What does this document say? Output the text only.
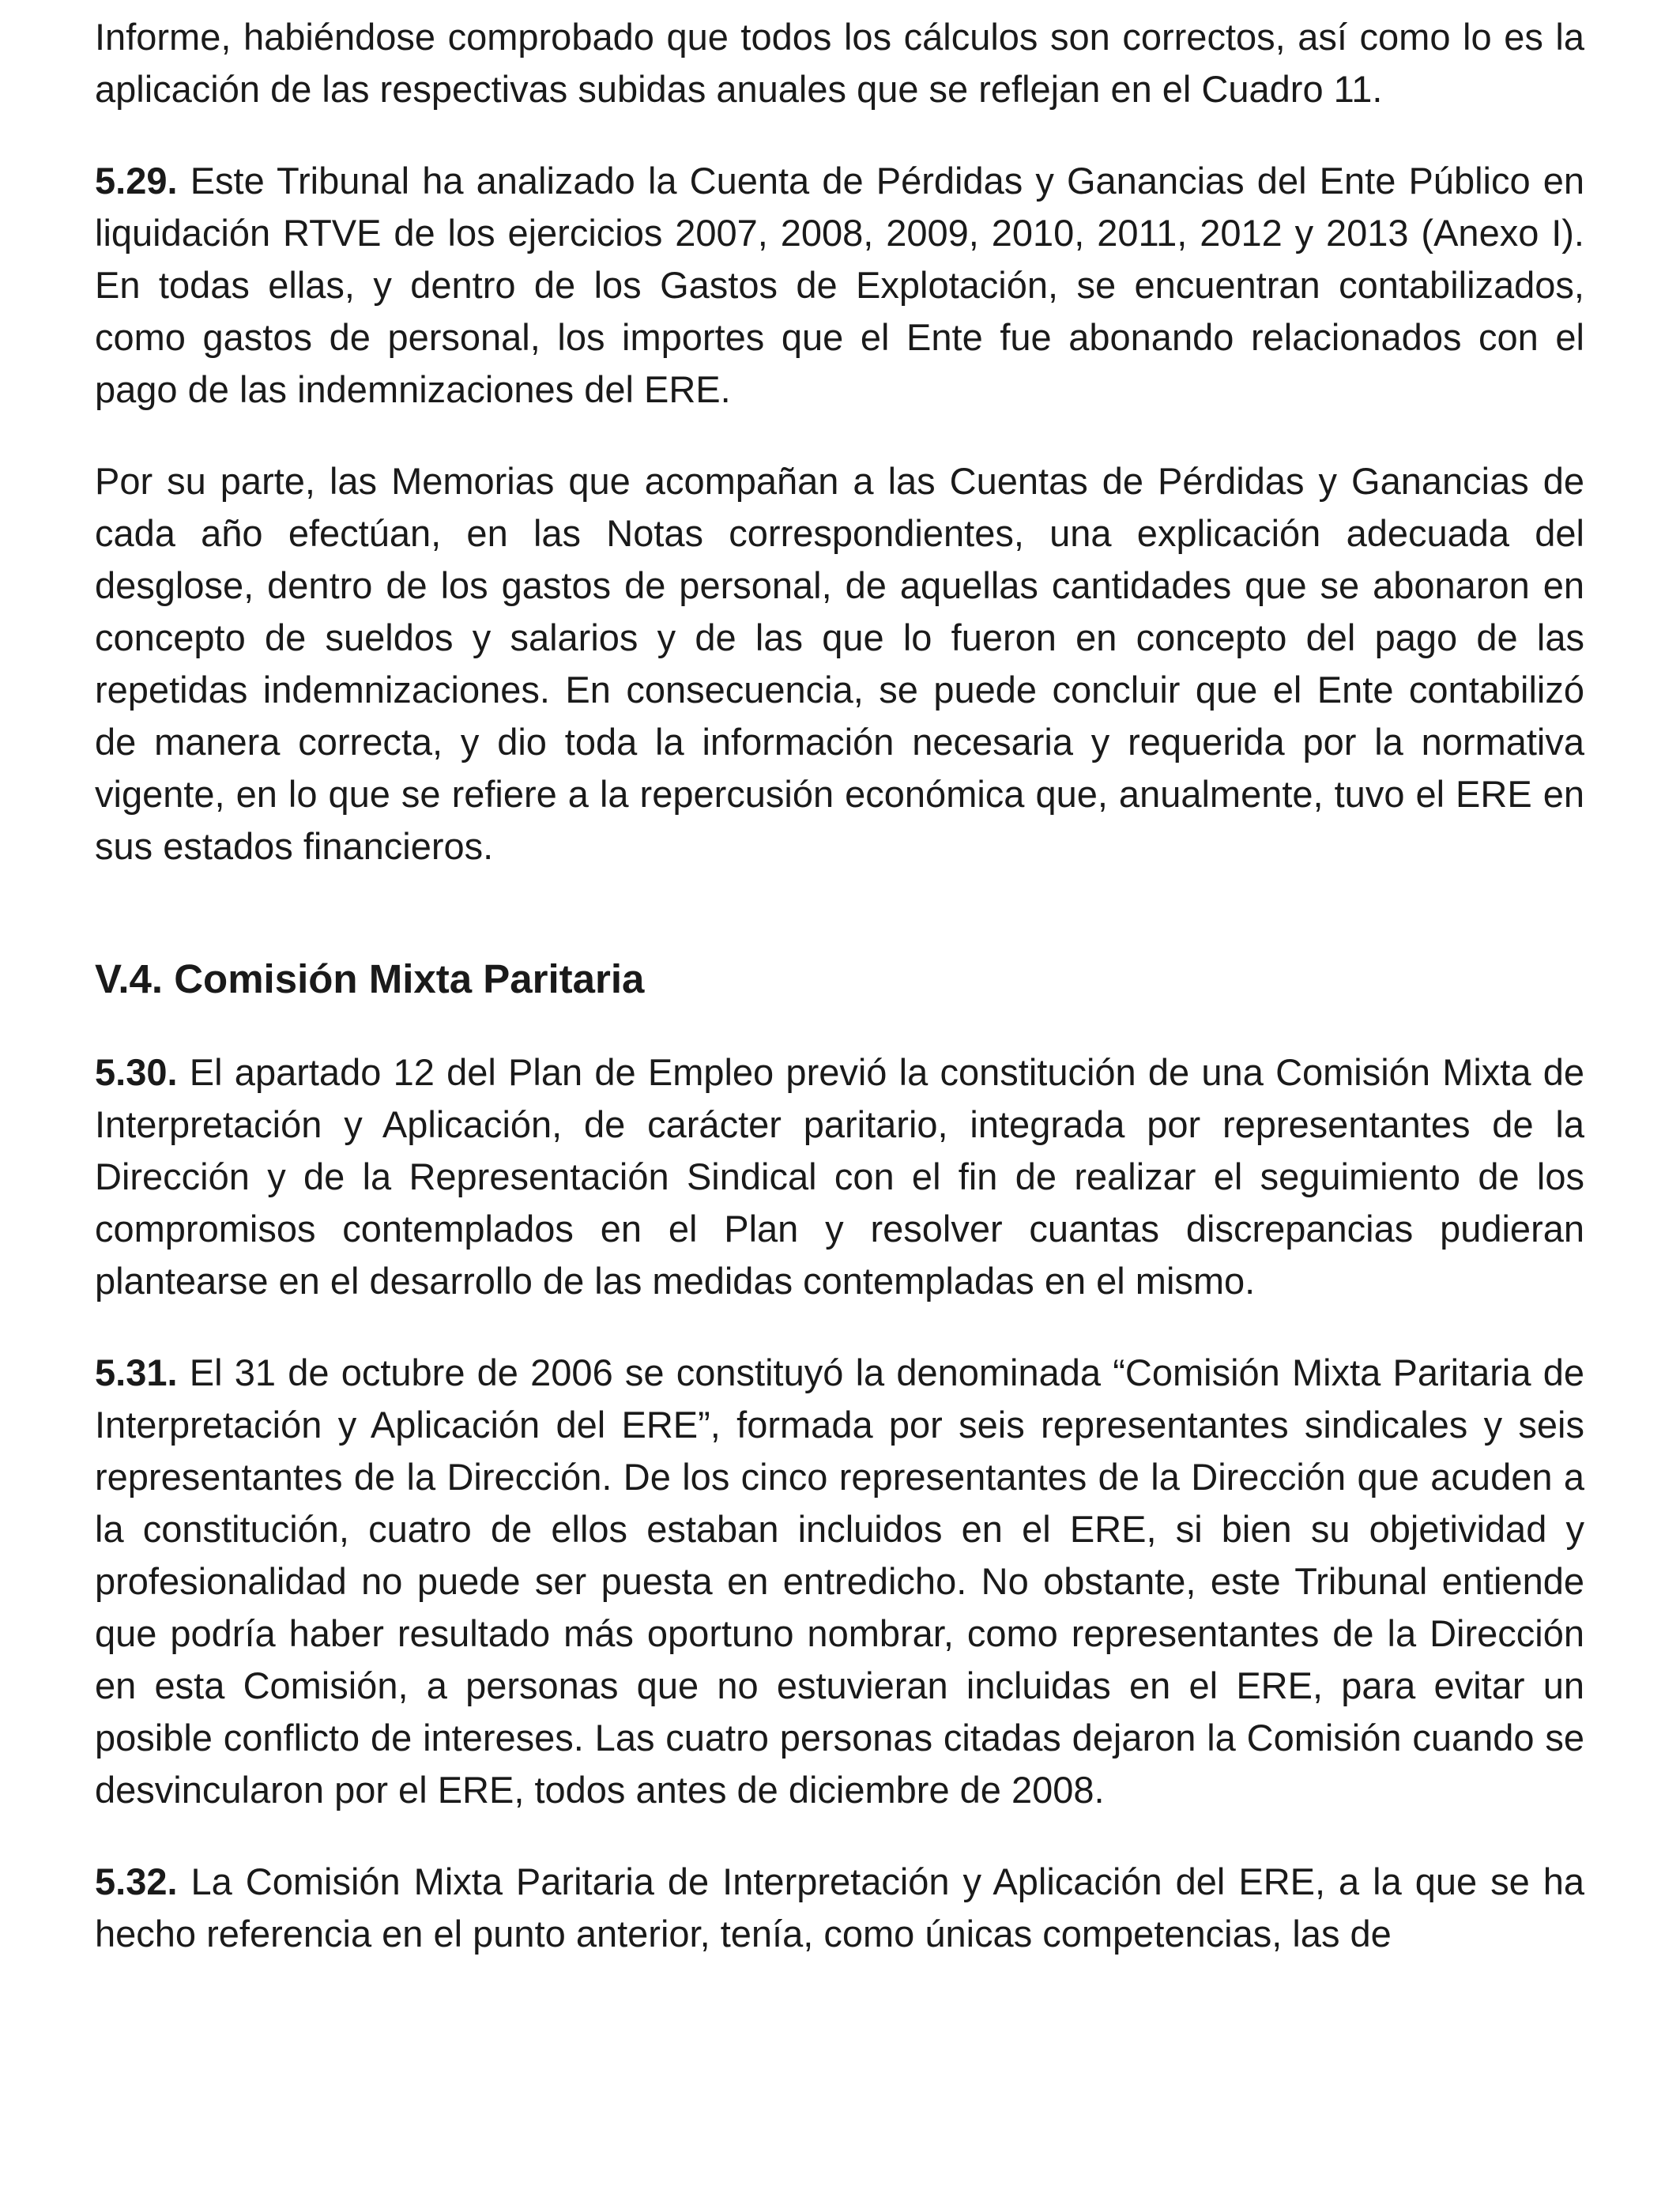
Informe, habiéndose comprobado que todos los cálculos son correctos, así como lo es la aplicación de las respectivas subidas anuales que se reflejan en el Cuadro 11.

5.29. Este Tribunal ha analizado la Cuenta de Pérdidas y Ganancias del Ente Público en liquidación RTVE de los ejercicios 2007, 2008, 2009, 2010, 2011, 2012 y 2013 (Anexo I). En todas ellas, y dentro de los Gastos de Explotación, se encuentran contabilizados, como gastos de personal, los importes que el Ente fue abonando relacionados con el pago de las indemnizaciones del ERE.

Por su parte, las Memorias que acompañan a las Cuentas de Pérdidas y Ganancias de cada año efectúan, en las Notas correspondientes, una explicación adecuada del desglose, dentro de los gastos de personal, de aquellas cantidades que se abonaron en concepto de sueldos y salarios y de las que lo fueron en concepto del pago de las repetidas indemnizaciones. En consecuencia, se puede concluir que el Ente contabilizó de manera correcta, y dio toda la información necesaria y requerida por la normativa vigente, en lo que se refiere a la repercusión económica que, anualmente, tuvo el ERE en sus estados financieros.

V.4. Comisión Mixta Paritaria

5.30. El apartado 12 del Plan de Empleo previó la constitución de una Comisión Mixta de Interpretación y Aplicación, de carácter paritario, integrada por representantes de la Dirección y de la Representación Sindical con el fin de realizar el seguimiento de los compromisos contemplados en el Plan y resolver cuantas discrepancias pudieran plantearse en el desarrollo de las medidas contempladas en el mismo.

5.31. El 31 de octubre de 2006 se constituyó la denominada “Comisión Mixta Paritaria de Interpretación y Aplicación del ERE”, formada por seis representantes sindicales y seis representantes de la Dirección. De los cinco representantes de la Dirección que acuden a la constitución, cuatro de ellos estaban incluidos en el ERE, si bien su objetividad y profesionalidad no puede ser puesta en entredicho. No obstante, este Tribunal entiende que podría haber resultado más oportuno nombrar, como representantes de la Dirección en esta Comisión, a personas que no estuvieran incluidas en el ERE, para evitar un posible conflicto de intereses. Las cuatro personas citadas dejaron la Comisión cuando se desvincularon por el ERE, todos antes de diciembre de 2008.

5.32. La Comisión Mixta Paritaria de Interpretación y Aplicación del ERE, a la que se ha hecho referencia en el punto anterior, tenía, como únicas competencias, las de
